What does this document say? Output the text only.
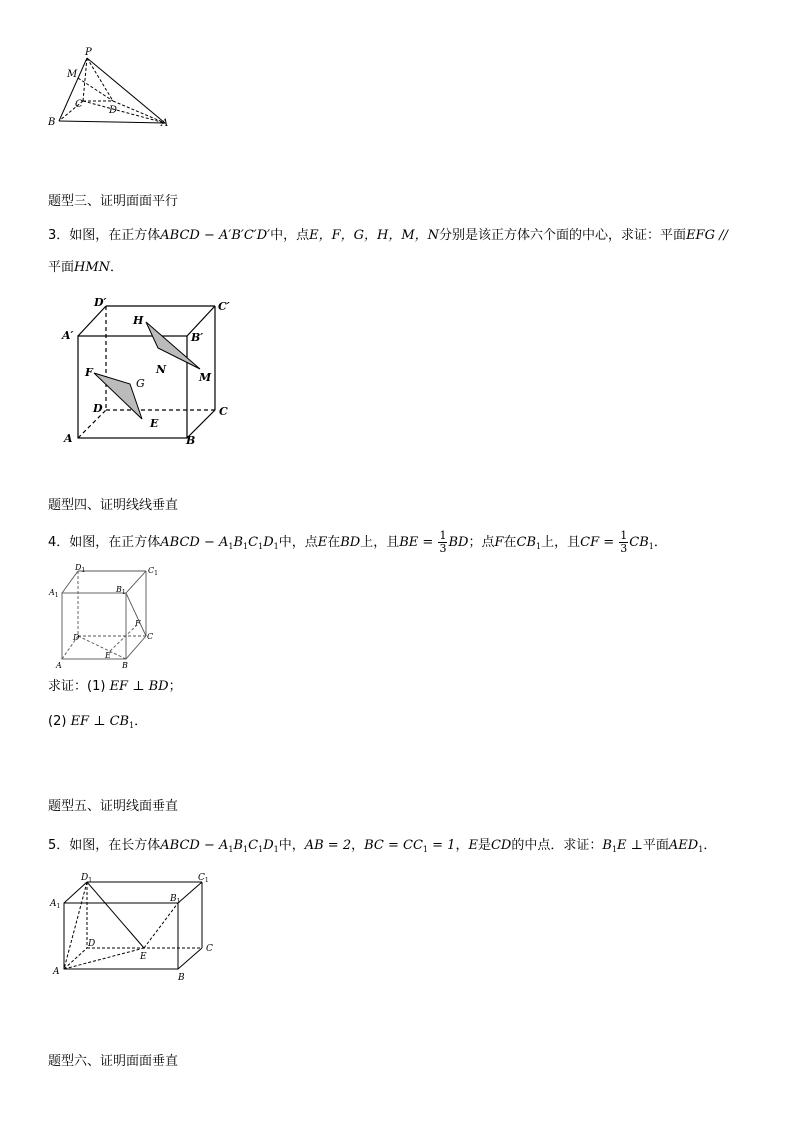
P
M
C
D
B	A
题型三、证明面面平行
3．如图，在正方体ABCD − A′B′C′D′中，点E，F，G，H，M，N分别是该正方体六个面的中心，求证：平面EFG //
平面HMN．
D′	C′
A′	B′
H
N
M
F
G
D	C
E
A	B
题型四、证明线线垂直
4．如图，在正方体ABCD − $A_1B_1C_1D_1$中，点E在BD上，且BE = $\frac{1}{3}$ BD；点F在$CB_1$上，且CF = $\frac{1}{3} CB_1$．
$D_1$	$C_1$
$A_1$
$B_1$
F
D	C
E
A	B
求证：(1) EF ⊥ BD；
(2) EF ⊥ $CB_1$．
题型五、证明线面垂直
5．如图，在长方体ABCD − $A_1B_1C_1D_1$中，AB = 2，BC = $CC_1 = 1$，E是CD的中点．求证：$B_1E$ ⊥平面$AED_1$．
$D_1$	$C_1$
$A_1$
$B_1$
D	C
E
A
B
题型六、证明面面垂直
